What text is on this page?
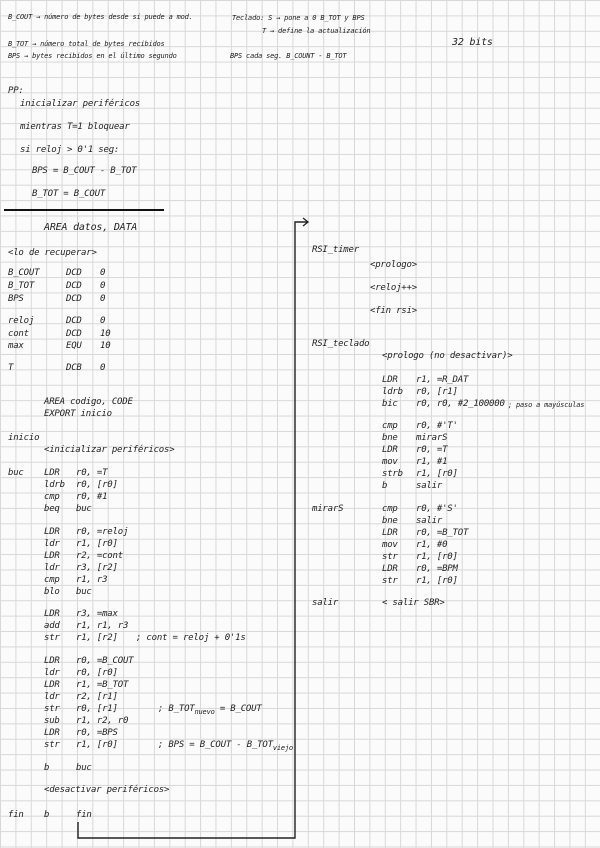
B_COUT → número de bytes desde si puede a mod.
B_TOT → número total de bytes recibidos
BPS → bytes recibidos en el último segundo
Teclado: S → pone a 0 B_TOT y BPS
T → define la actualización
BPS cada seg. B_COUNT - B_TOT
32 bits
PP:
inicializar periféricos
mientras T=1 bloquear
si reloj > 0'1 seg:
BPS = B_COUT - B_TOT
B_TOT = B_COUT
AREA datos, DATA
<lo de recuperar>
B_COUT	DCD 0
B_TOT	DCD 0
BPS	DCD 0
reloj	DCD 0
cont	DCD 10
max	EQU 10
T	DCB 0
AREA codigo, CODE
EXPORT inicio
inicio
<inicializar periféricos>
buc LDR r0, =T
ldrb r0, [r0]
cmp r0, #1
beq buc
LDR r0, =reloj
ldr r1, [r0]
LDR r2, =cont
ldr r3, [r2]
cmp r1, r3
blo buc
LDR r3, =max
add r1, r1, r3
str r1, [r2] ; cont = reloj + 0'1s
LDR r0, =B_COUT
ldr r0, [r0]
LDR r1, =B_TOT
ldr r2, [r1]
str r0, [r1]	; $B\_TOT_{nuevo}$ = B_COUT
sub r1, r2, r0
LDR r0, =BPS
str r1, [r0]	; BPS = B_COUT - $B\_TOT_{viejo}$
b	buc
<desactivar periféricos>
fin b	fin
RSI_timer
<prologo>
<reloj++>
<fin rsi>
RSI_teclado
<prologo (no desactivar)>
LDR r1, =R_DAT
ldrb r0, [r1]
bic r0, r0, #2_100000 ; paso a mayúsculas
cmp r0, #'T'
bne mirarS
LDR r0, =T
mov r1, #1
strb r1, [r0]
b	salir
mirarS	cmp r0, #'S'
bne salir
LDR r0, =B_TOT
mov r1, #0
str r1, [r0]
LDR r0, =BPM
str r1, [r0]
salir	< salir SBR>
